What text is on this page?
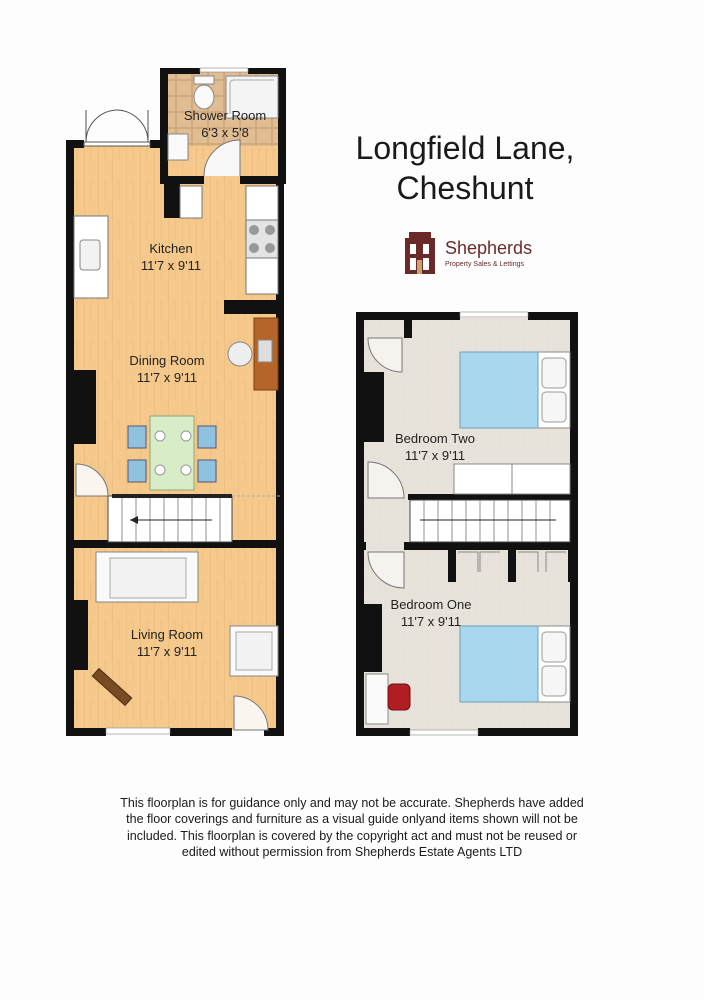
Longfield Lane,
Cheshunt
Shepherds
Property Sales & Lettings
Shower Room
6'3 x 5'8
Kitchen
11'7 x 9'11
Dining Room
11'7 x 9'11
Living Room
11'7 x 9'11
Bedroom Two
11'7 x 9'11
Bedroom One
11'7 x 9'11
This floorplan is for guidance only and may not be accurate. Shepherds have added the floor coverings and furniture as a visual guide onlyand items shown will not be included. This floorplan is covered by the copyright act and must not be reused or edited without permission from Shepherds Estate Agents LTD
